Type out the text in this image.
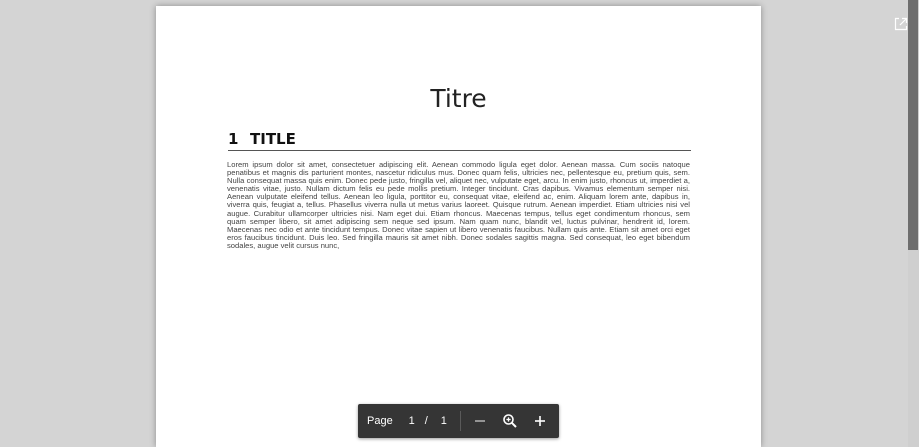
Titre
1 TITLE
Lorem ipsum dolor sit amet, consectetuer adipiscing elit. Aenean commodo ligula eget dolor. Aenean massa. Cum sociis natoque penatibus et magnis dis parturient montes, nascetur ridiculus mus. Donec quam felis, ultricies nec, pellentesque eu, pretium quis, sem. Nulla consequat massa quis enim. Donec pede justo, fringilla vel, aliquet nec, vulputate eget, arcu. In enim justo, rhoncus ut, imperdiet a, venenatis vitae, justo. Nullam dictum felis eu pede mollis pretium. Integer tincidunt. Cras dapibus. Vivamus elementum semper nisi. Aenean vulputate eleifend tellus. Aenean leo ligula, porttitor eu, consequat vitae, eleifend ac, enim. Aliquam lorem ante, dapibus in, viverra quis, feugiat a, tellus. Phasellus viverra nulla ut metus varius laoreet. Quisque rutrum. Aenean imperdiet. Etiam ultricies nisi vel augue. Curabitur ullamcorper ultricies nisi. Nam eget dui. Etiam rhoncus. Maecenas tempus, tellus eget condimentum rhoncus, sem quam semper libero, sit amet adipiscing sem neque sed ipsum. Nam quam nunc, blandit vel, luctus pulvinar, hendrerit id, lorem. Maecenas nec odio et ante tincidunt tempus. Donec vitae sapien ut libero venenatis faucibus. Nullam quis ante. Etiam sit amet orci eget eros faucibus tincidunt. Duis leo. Sed fringilla mauris sit amet nibh. Donec sodales sagittis magna. Sed consequat, leo eget bibendum sodales, augue velit cursus nunc,
Page
1	/ 1
